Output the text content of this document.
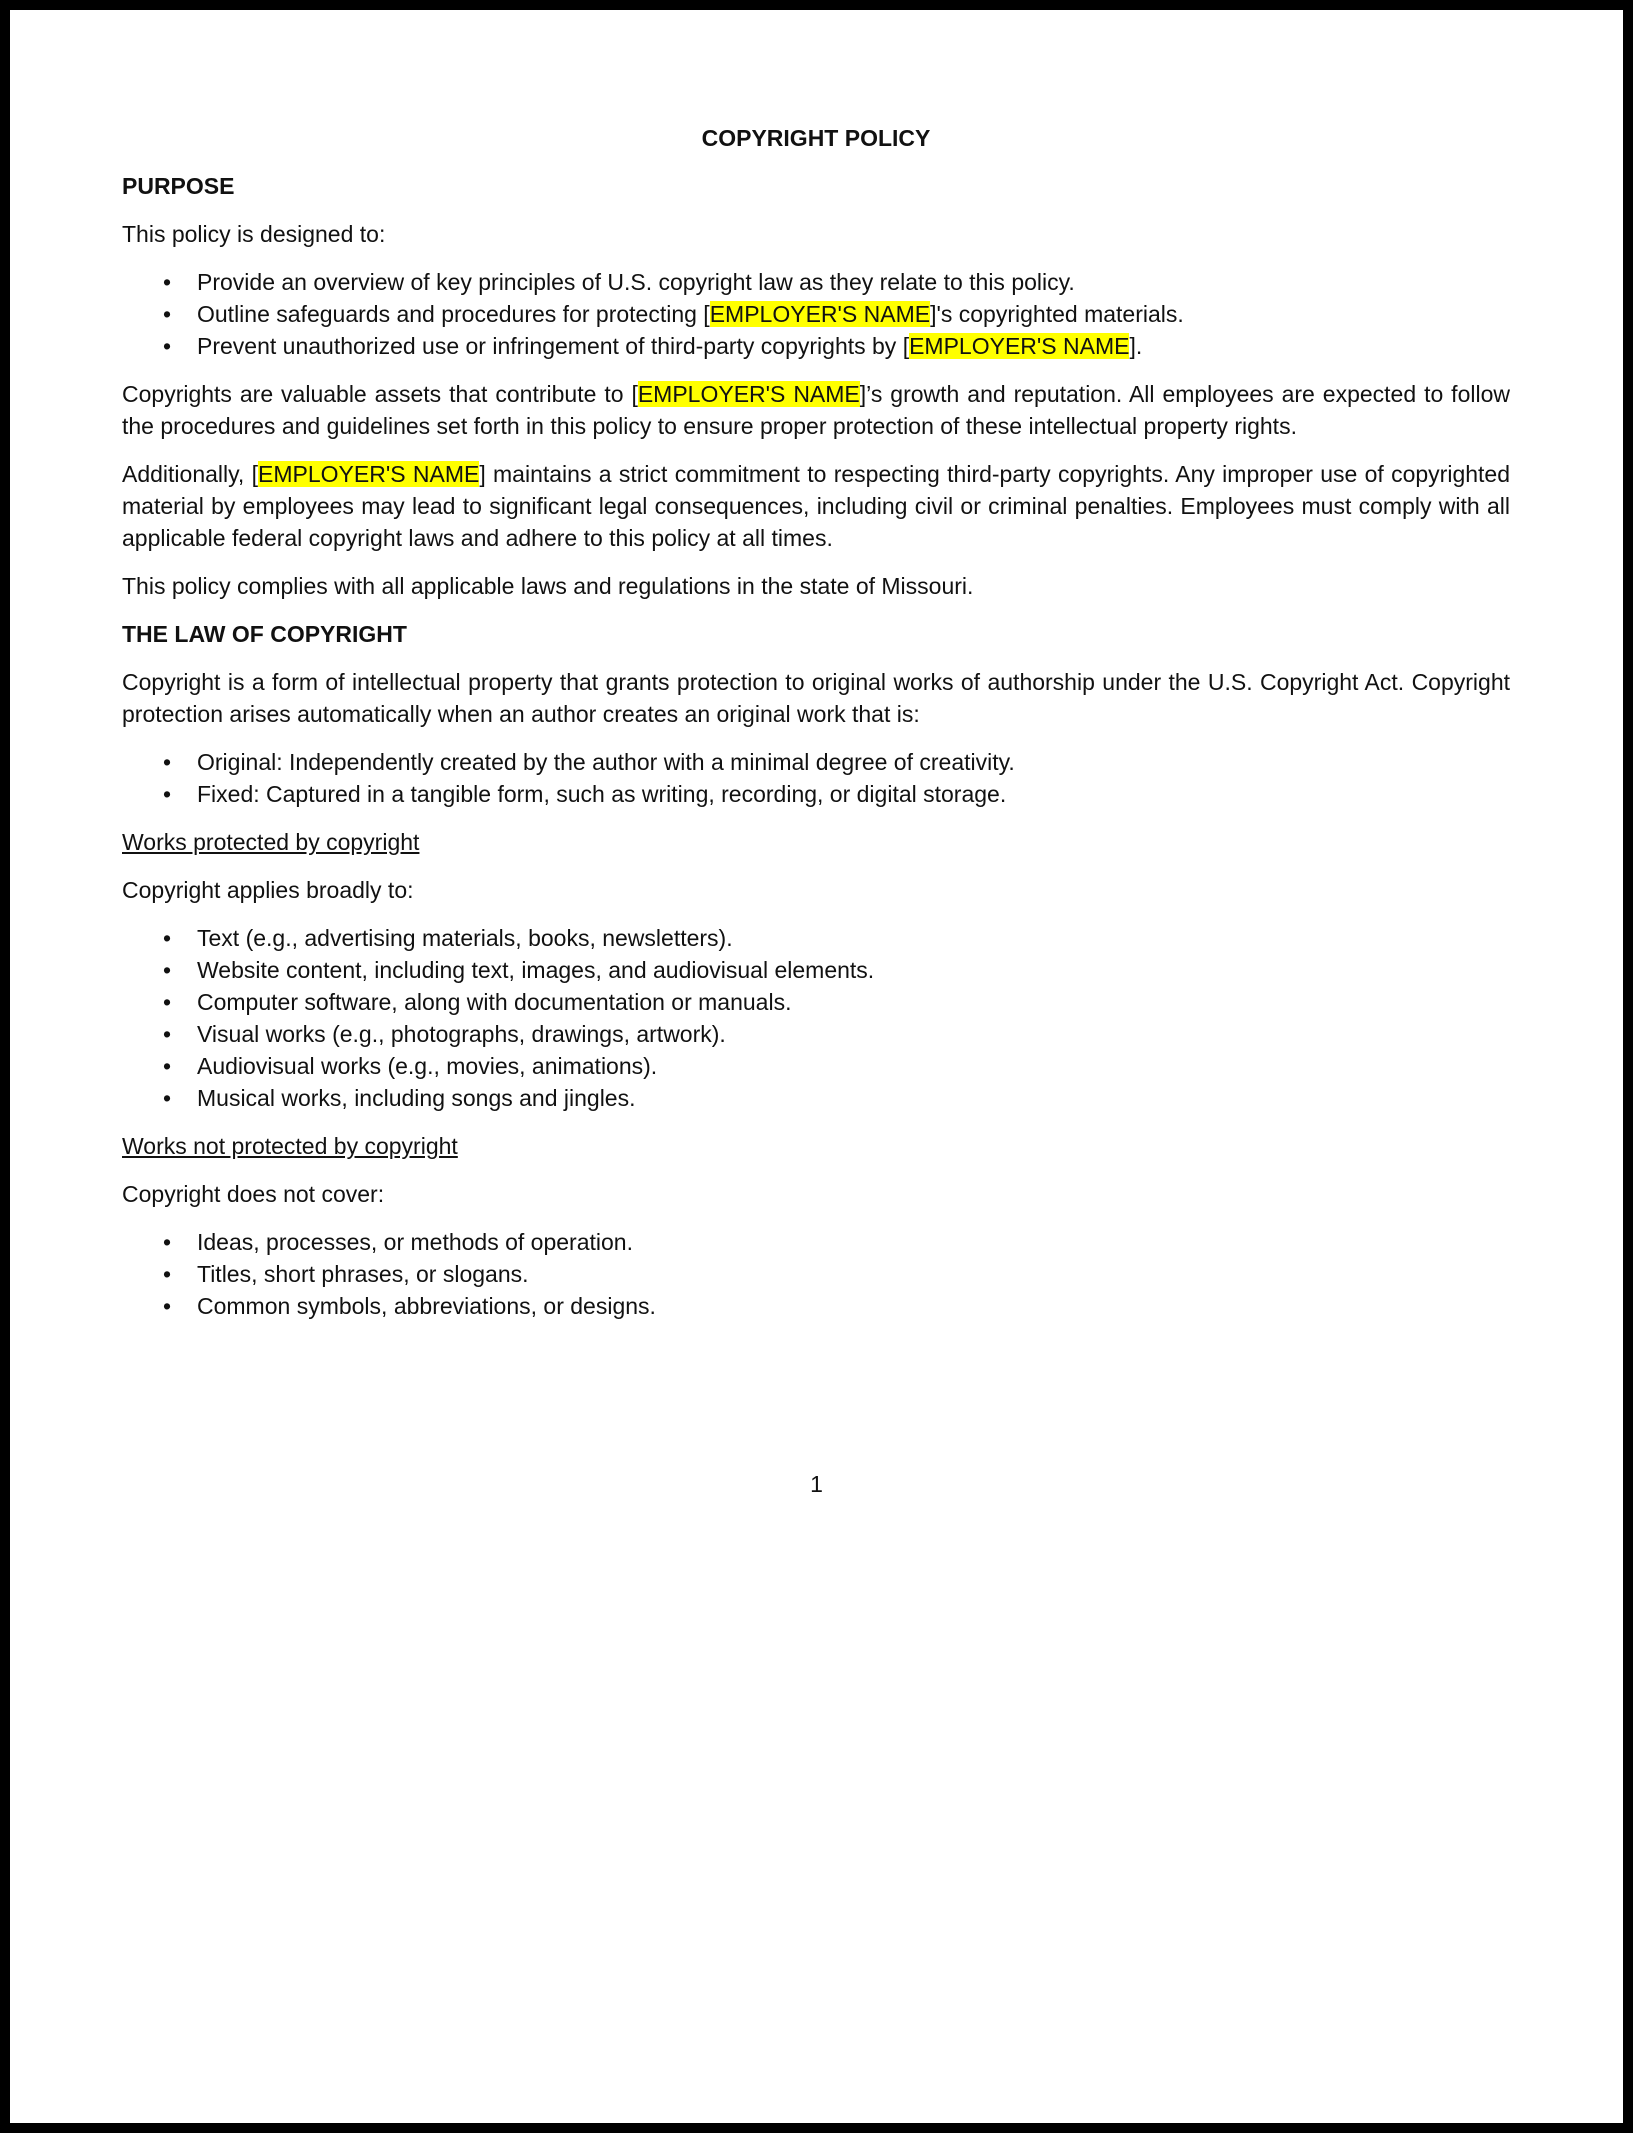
COPYRIGHT POLICY

PURPOSE

This policy is designed to:

• Provide an overview of key principles of U.S. copyright law as they relate to this policy.
• Outline safeguards and procedures for protecting [EMPLOYER'S NAME]'s copyrighted materials.
• Prevent unauthorized use or infringement of third-party copyrights by [EMPLOYER'S NAME].

Copyrights are valuable assets that contribute to [EMPLOYER'S NAME]’s growth and reputation. All employees are expected to follow the procedures and guidelines set forth in this policy to ensure proper protection of these intellectual property rights.

Additionally, [EMPLOYER'S NAME] maintains a strict commitment to respecting third-party copyrights. Any improper use of copyrighted material by employees may lead to significant legal consequences, including civil or criminal penalties. Employees must comply with all applicable federal copyright laws and adhere to this policy at all times.

This policy complies with all applicable laws and regulations in the state of Missouri.

THE LAW OF COPYRIGHT

Copyright is a form of intellectual property that grants protection to original works of authorship under the U.S. Copyright Act. Copyright protection arises automatically when an author creates an original work that is:

• Original: Independently created by the author with a minimal degree of creativity.
• Fixed: Captured in a tangible form, such as writing, recording, or digital storage.

Works protected by copyright

Copyright applies broadly to:

• Text (e.g., advertising materials, books, newsletters).
• Website content, including text, images, and audiovisual elements.
• Computer software, along with documentation or manuals.
• Visual works (e.g., photographs, drawings, artwork).
• Audiovisual works (e.g., movies, animations).
• Musical works, including songs and jingles.

Works not protected by copyright

Copyright does not cover:

• Ideas, processes, or methods of operation.
• Titles, short phrases, or slogans.
• Common symbols, abbreviations, or designs.
1
